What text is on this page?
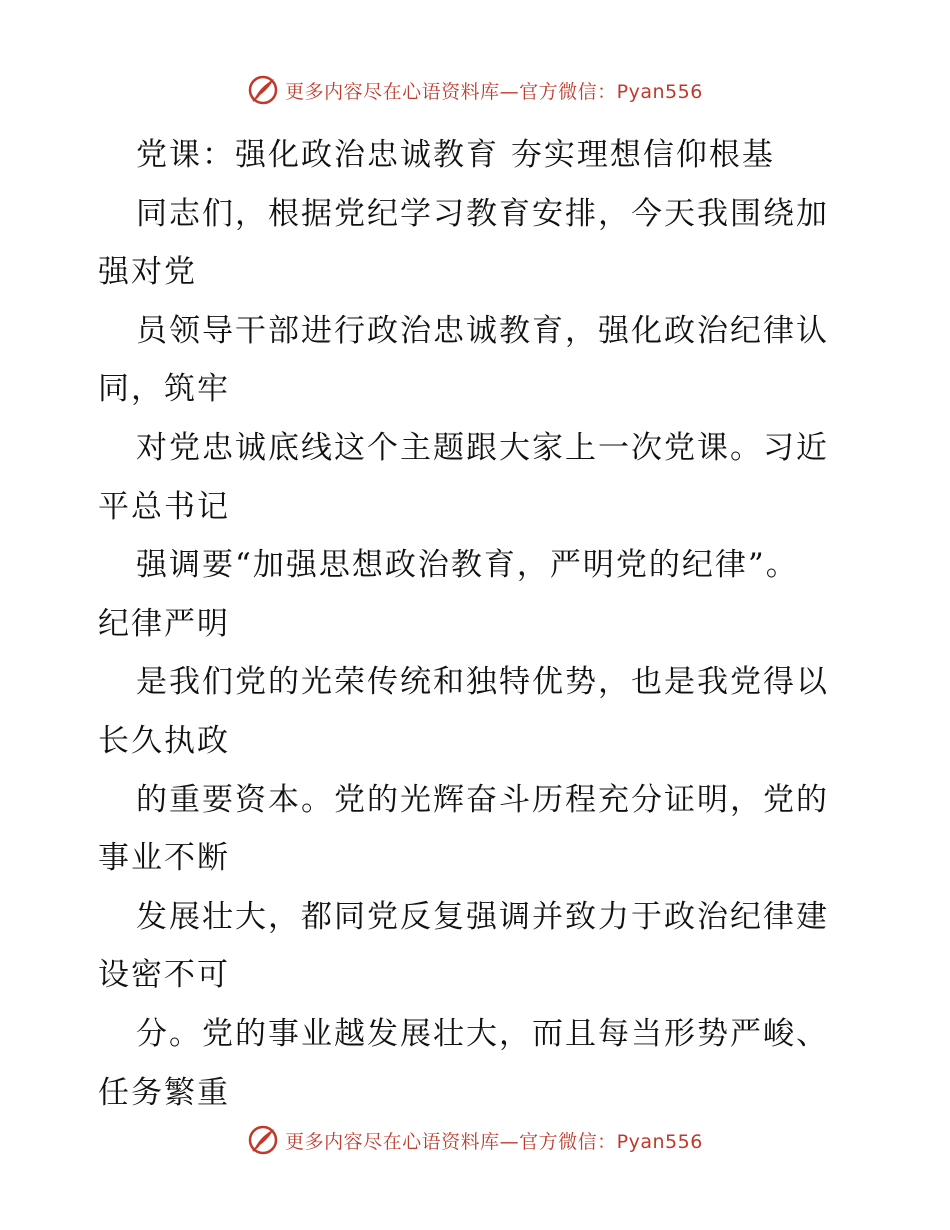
更多内容尽在心语资料库—官方微信：Pyan556
党课：强化政治忠诚教育 夯实理想信仰根基
同志们，根据党纪学习教育安排，今天我围绕加
强对党
员领导干部进行政治忠诚教育，强化政治纪律认
同，筑牢
对党忠诚底线这个主题跟大家上一次党课。习近
平总书记
强调要“加强思想政治教育，严明党的纪律”。
纪律严明
是我们党的光荣传统和独特优势，也是我党得以
长久执政
的重要资本。党的光辉奋斗历程充分证明，党的
事业不断
发展壮大，都同党反复强调并致力于政治纪律建
设密不可
分。党的事业越发展壮大，而且每当形势严峻、
任务繁重
更多内容尽在心语资料库—官方微信：Pyan556
